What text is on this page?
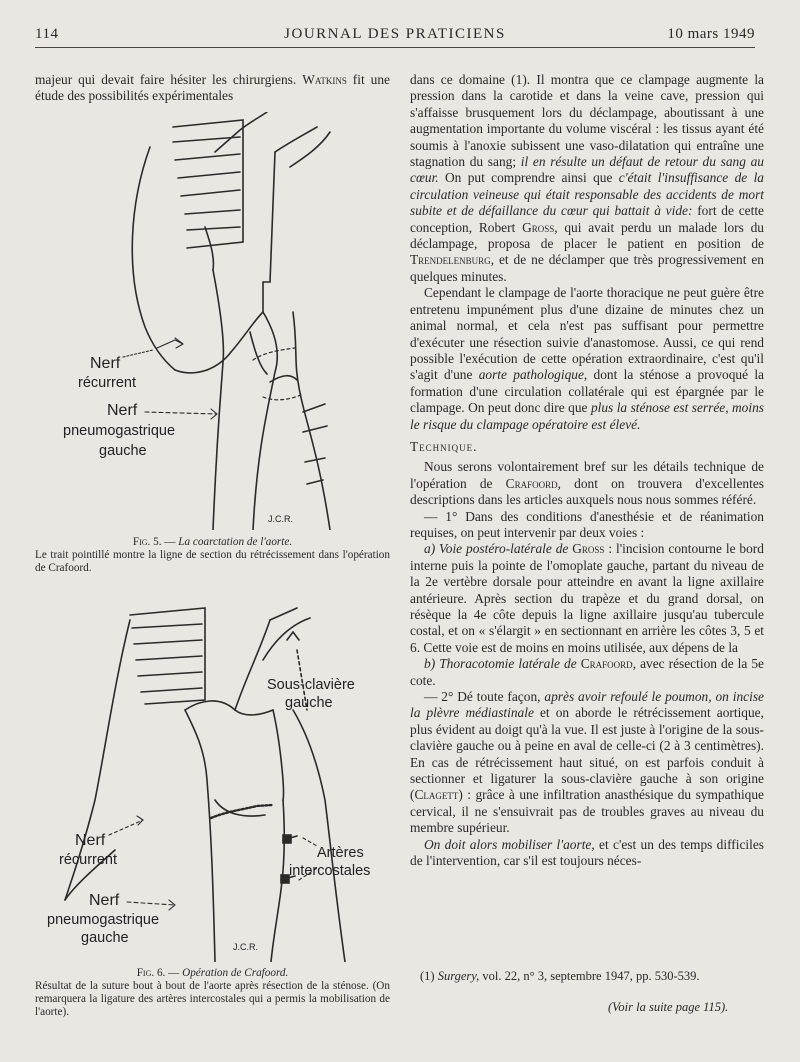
114	JOURNAL DES PRATICIENS	10 mars 1949

majeur qui devait faire hésiter les chirurgiens. Watkins fit une étude des possibilités expérimentales

Nerf
récurrent
Nerf
pneumogastrique
gauche
J.C.R.
Fig. 5. — La coarctation de l'aorte.
Le trait pointillé montre la ligne de section du rétrécissement dans l'opération de Crafoord.
Sous-clavière
gauche
Nerf
récurrent	Artères
intercostales
Nerf
pneumogastrique
gauche
J.C.R.
Fig. 6. — Opération de Crafoord.
Résultat de la suture bout à bout de l'aorte après résection de la sténose. (On remarquera la ligature des artères intercostales qui a permis la mobilisation de l'aorte).

dans ce domaine (1). Il montra que ce clampage augmente la pression dans la carotide et dans la veine cave, pression qui s'affaisse brusquement lors du déclampage, aboutissant à une augmentation importante du volume viscéral : les tissus ayant été soumis à l'anoxie subissent une vaso-dilatation qui entraîne une stagnation du sang; il en résulte un défaut de retour du sang au cœur. On put comprendre ainsi que c'était l'insuffisance de la circulation veineuse qui était responsable des accidents de mort subite et de défaillance du cœur qui battait à vide: fort de cette conception, Robert Gross, qui avait perdu un malade lors du déclampage, proposa de placer le patient en position de Trendelenburg, et de ne déclamper que très progressivement en quelques minutes.

Cependant le clampage de l'aorte thoracique ne peut guère être entretenu impunément plus d'une dizaine de minutes chez un animal normal, et cela n'est pas suffisant pour permettre d'exécuter une résection suivie d'anastomose. Aussi, ce qui rend possible l'exécution de cette opération extraordinaire, c'est qu'il s'agit d'une aorte pathologique, dont la sténose a provoqué la formation d'une circulation collatérale qui est épargnée par le clampage. On peut donc dire que plus la sténose est serrée, moins le risque du clampage opératoire est élevé.

Technique.

Nous serons volontairement bref sur les détails technique de l'opération de Crafoord, dont on trouvera d'excellentes descriptions dans les articles auxquels nous nous sommes référé.

— 1° Dans des conditions d'anesthésie et de réanimation requises, on peut intervenir par deux voies :

a) Voie postéro-latérale de Gross : l'incision contourne le bord interne puis la pointe de l'omoplate gauche, partant du niveau de la 2e vertèbre dorsale pour atteindre en avant la ligne axillaire antérieure. Après section du trapèze et du grand dorsal, on résèque la 4e côte depuis la ligne axillaire jusqu'au tubercule costal, et on « s'élargit » en sectionnant en arrière les côtes 3, 5 et 6. Cette voie est de moins en moins utilisée, aux dépens de la

b) Thoracotomie latérale de Crafoord, avec résection de la 5e cote.

— 2° Dé toute façon, après avoir refoulé le poumon, on incise la plèvre médiastinale et on aborde le rétrécissement aortique, plus évident au doigt qu'à la vue. Il est juste à l'origine de la sous-clavière gauche ou à peine en aval de celle-ci (2 à 3 centimètres). En cas de rétrécissement haut situé, on est parfois conduit à sectionner et ligaturer la sous-clavière gauche à son origine (Clagett) : grâce à une infiltration anasthésique du sympathique cervical, il ne s'ensuivrait pas de troubles graves au niveau du membre supérieur.

On doit alors mobiliser l'aorte, et c'est un des temps difficiles de l'intervention, car s'il est toujours néces-

(1) Surgery, vol. 22, n° 3, septembre 1947, pp. 530-539.
(Voir la suite page 115).
